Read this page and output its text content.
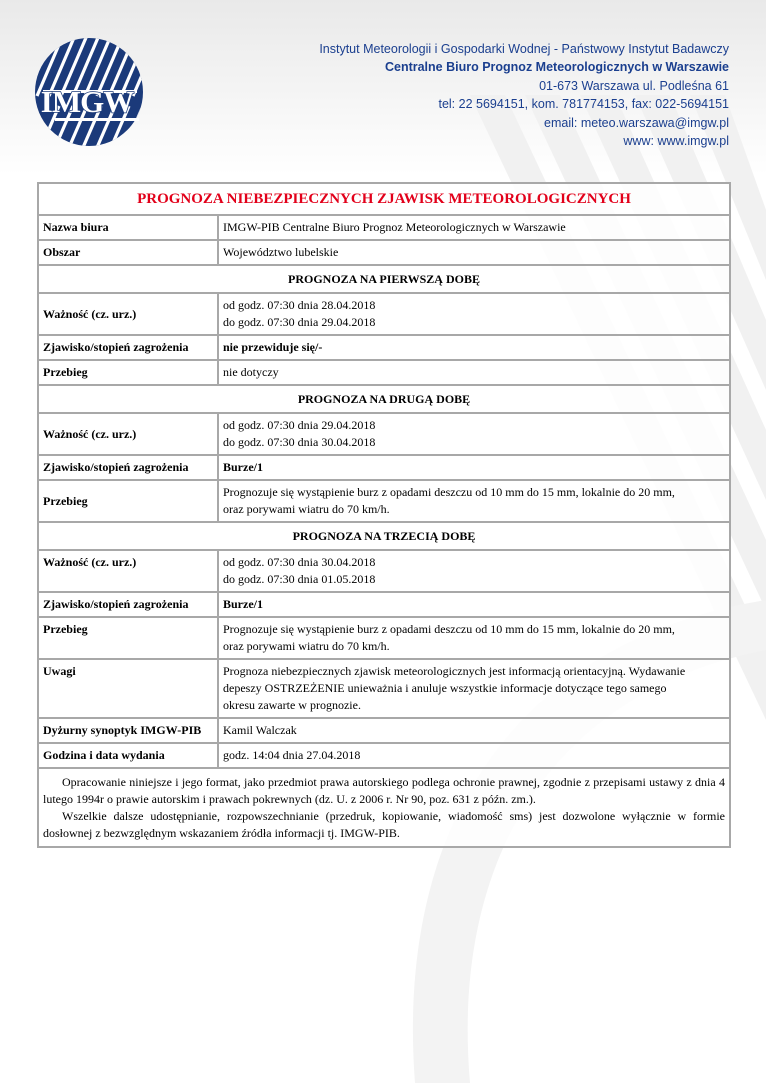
IMGW
Instytut Meteorologii i Gospodarki Wodnej - Państwowy Instytut Badawczy
Centralne Biuro Prognoz Meteorologicznych w Warszawie
01-673 Warszawa ul. Podleśna 61
tel: 22 5694151, kom. 781774153, fax: 022-5694151
email: meteo.warszawa@imgw.pl
www: www.imgw.pl
PROGNOZA NIEBEZPIECZNYCH ZJAWISK METEOROLOGICZNYCH	
Nazwa biura	IMGW-PIB Centralne Biuro Prognoz Meteorologicznych w Warszawie
Obszar	Województwo lubelskie
PROGNOZA NA PIERWSZĄ DOBĘ	
Ważność (cz. urz.)	od godz. 07:30 dnia 28.04.2018
do godz. 07:30 dnia 29.04.2018

Zjawisko/stopień zagrożenia	nie przewiduje się/-
Przebieg	nie dotyczy
PROGNOZA NA DRUGĄ DOBĘ	
Ważność (cz. urz.)	od godz. 07:30 dnia 29.04.2018
do godz. 07:30 dnia 30.04.2018

Zjawisko/stopień zagrożenia	Burze/1
Przebieg	Prognozuje się wystąpienie burz z opadami deszczu od 10 mm do 15 mm, lokalnie do 20 mm,
oraz porywami wiatru do 70 km/h.

PROGNOZA NA TRZECIĄ DOBĘ	
Ważność (cz. urz.)	od godz. 07:30 dnia 30.04.2018
do godz. 07:30 dnia 01.05.2018

Zjawisko/stopień zagrożenia	Burze/1
Przebieg	Prognozuje się wystąpienie burz z opadami deszczu od 10 mm do 15 mm, lokalnie do 20 mm,
oraz porywami wiatru do 70 km/h.

Uwagi	Prognoza niebezpiecznych zjawisk meteorologicznych jest informacją orientacyjną. Wydawanie
depeszy OSTRZEŻENIE unieważnia i anuluje wszystkie informacje dotyczące tego samego
okresu zawarte w prognozie.

Dyżurny synoptyk IMGW-PIB	Kamil Walczak
Godzina i data wydania	godz. 14:04 dnia 27.04.2018

Opracowanie niniejsze i jego format, jako przedmiot prawa autorskiego podlega ochronie prawnej, zgodnie z przepisami ustawy z dnia 4 lutego 1994r o prawie autorskim i prawach pokrewnych (dz. U. z 2006 r. Nr 90, poz. 631 z późn. zm.).

Wszelkie dalsze udostępnianie, rozpowszechnianie (przedruk, kopiowanie, wiadomość sms) jest dozwolone wyłącznie w formie dosłownej z bezwzględnym wskazaniem źródła informacji tj. IMGW-PIB.	
